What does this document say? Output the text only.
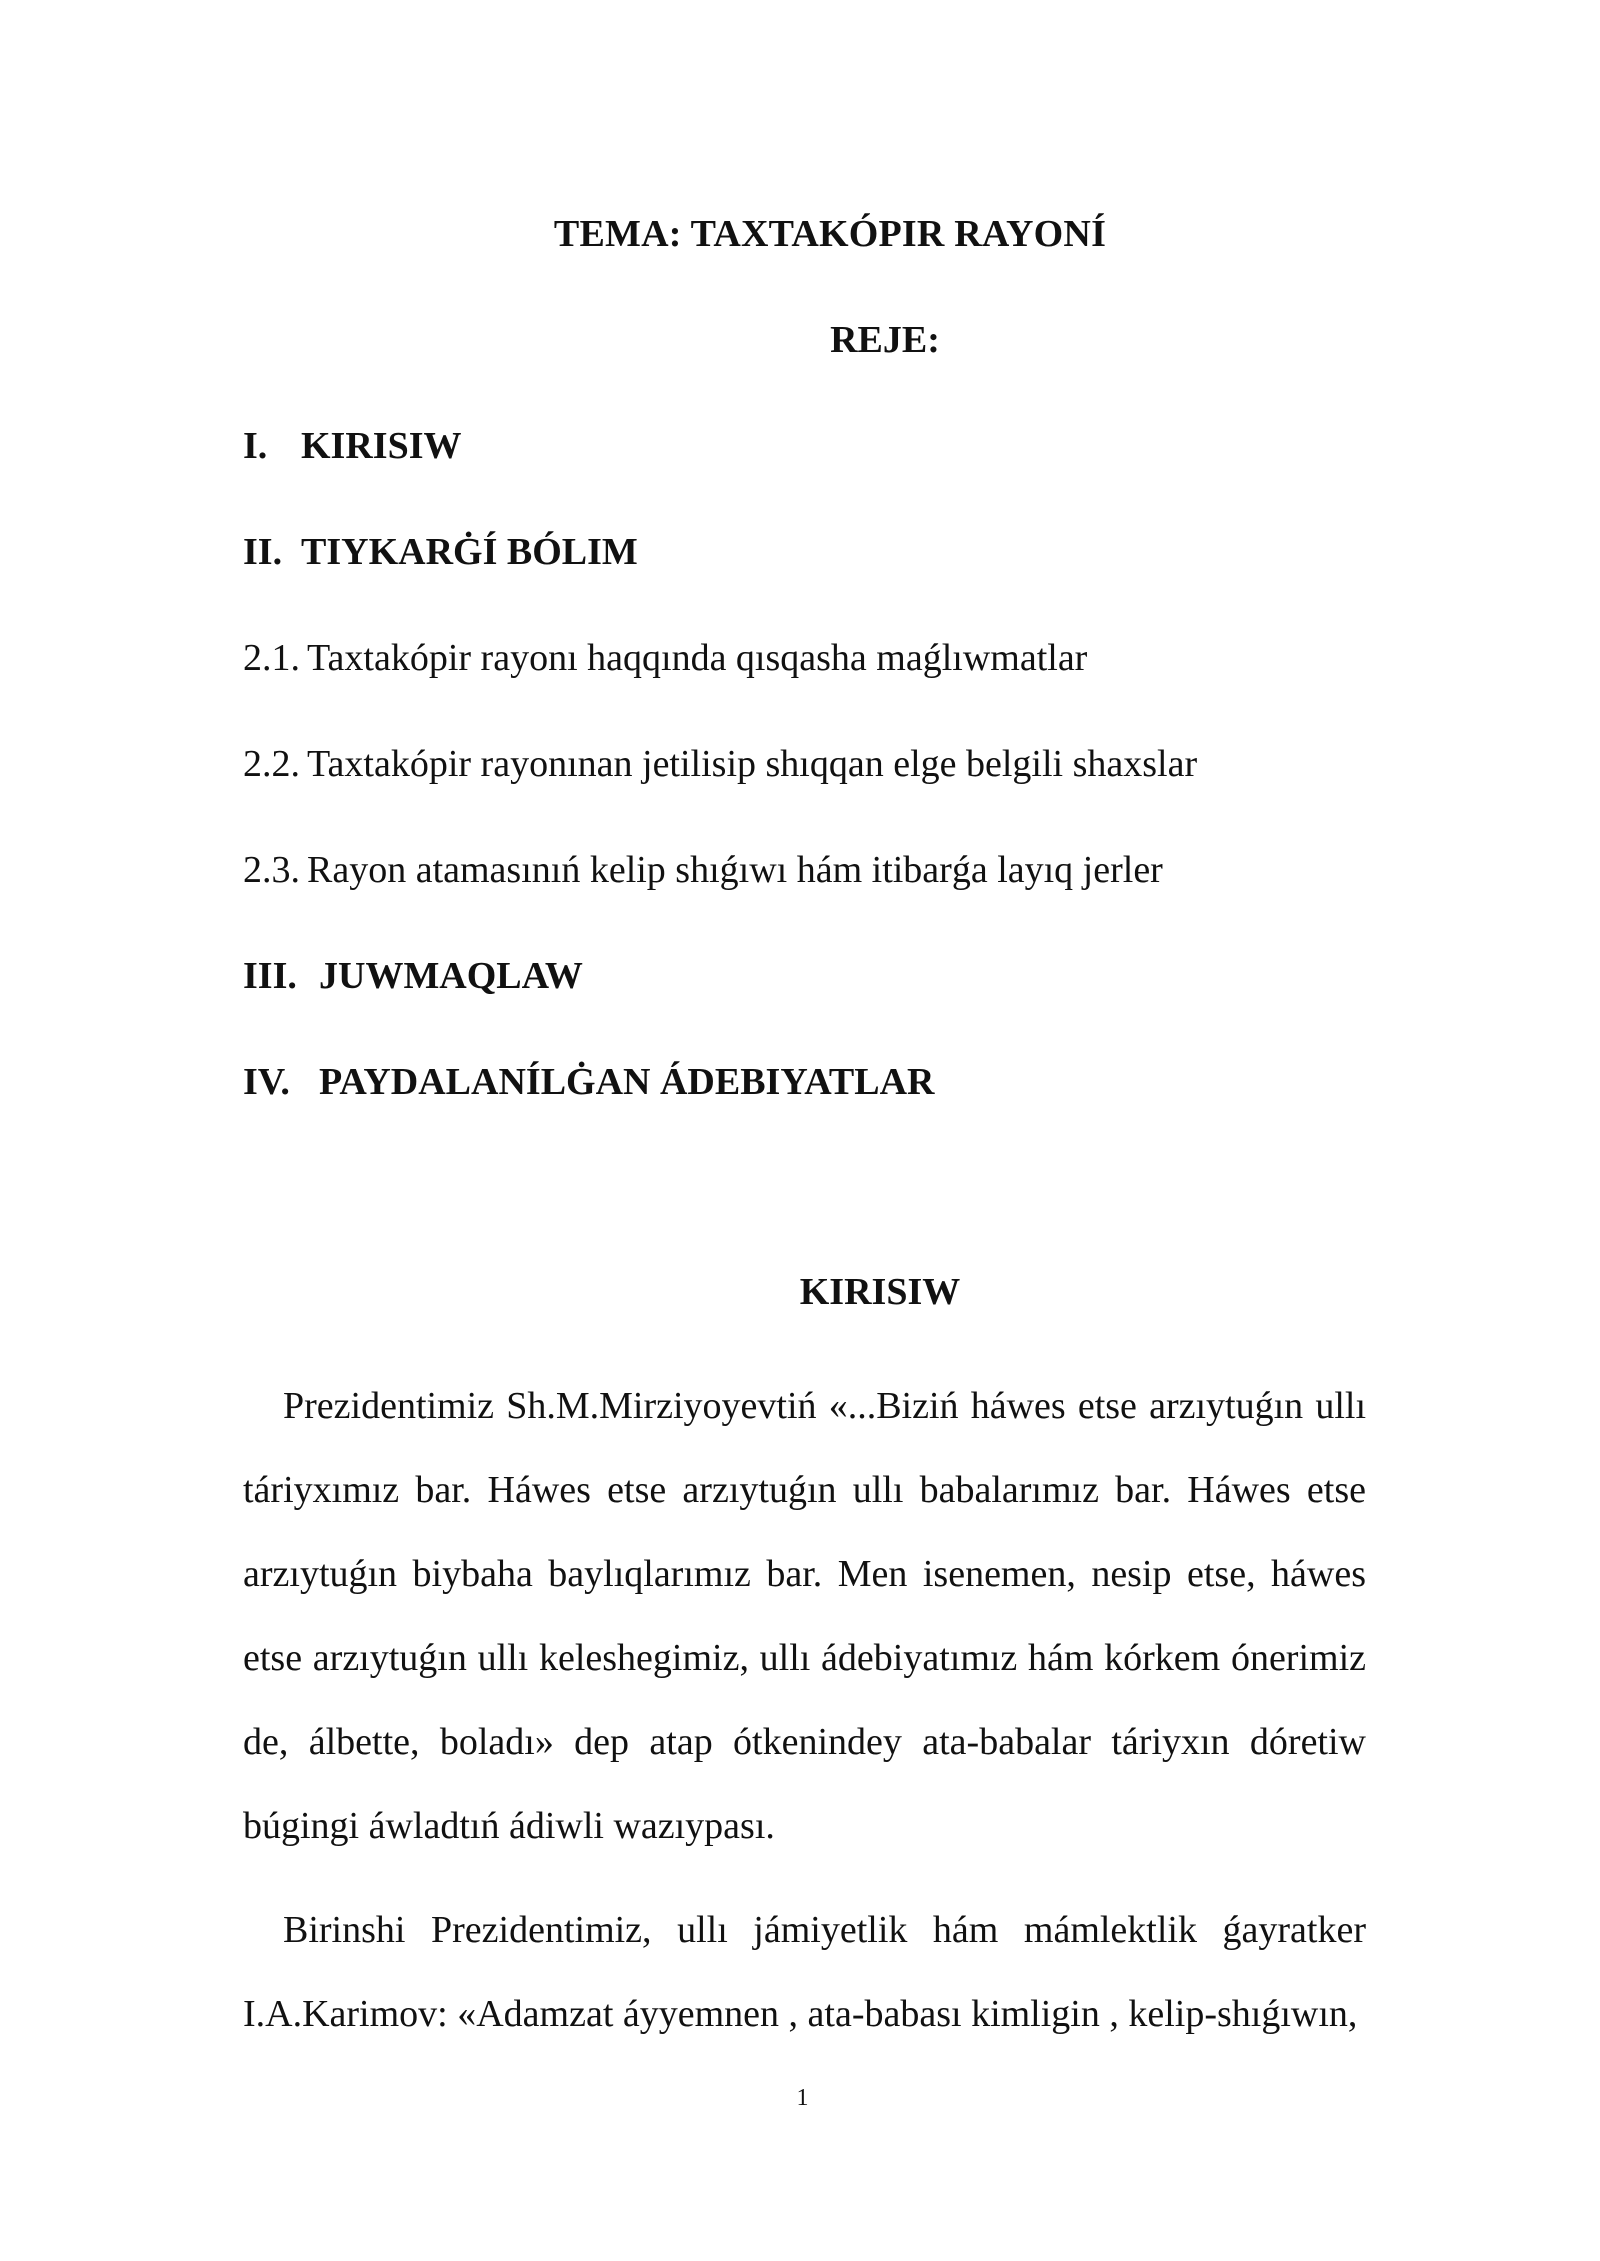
TEMA: TAXTAKÓPIR RAYONÍ
REJE:
I. KIRISIW
II. TIYKARĠÍ BÓLIM
2.1. Taxtakópir rayonı haqqında qısqasha maǵlıwmatlar
2.2. Taxtakópir rayonınan jetilisip shıqqan elge belgili shaxslar
2.3. Rayon atamasınıń kelip shıǵıwı hám itibarǵa layıq jerler
III. JUWMAQLAW
IV. PAYDALANÍLĠAN ÁDEBIYATLAR
KIRISIW

Prezidentimiz Sh.M.Mirziyoyevtiń «...Biziń háwes etse arzıytuǵın ullı táriyxımız bar. Háwes etse arzıytuǵın ullı babalarımız bar. Háwes etse arzıytuǵın biybaha baylıqlarımız bar. Men isenemen, nesip etse, háwes etse arzıytuǵın ullı keleshegimiz, ullı ádebiyatımız hám kórkem ónerimiz de, álbette, boladı» dep atap ótkenindey ata-babalar táriyxın dóretiw búgingi áwladtıń ádiwli wazıypası.

Birinshi Prezidentimiz, ullı jámiyetlik hám mámlektlik ǵayratker I.A.Karimov: «Adamzat áyyemnen , ata-babası kimligin , kelip-shıǵıwın,

1
